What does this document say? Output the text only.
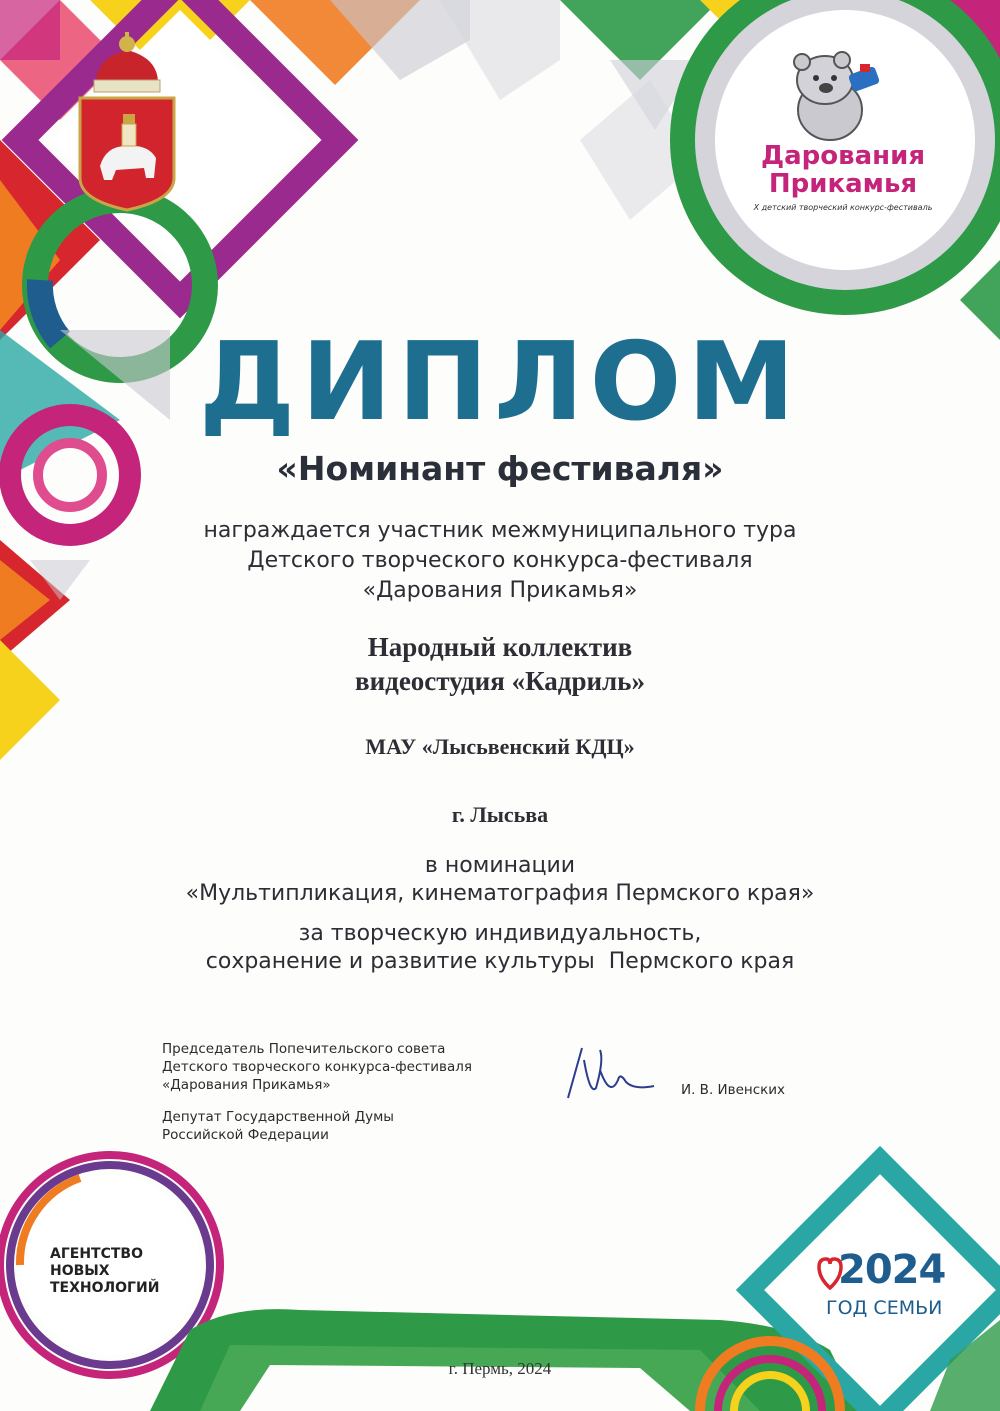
Дарования
Прикамья
X детский творческий конкурс-фестиваль
ДИПЛОМ
«Номинант фестиваля»
награждается участник межмуниципального тура
Детского творческого конкурса-фестиваля
«Дарования Прикамья»
Народный коллектив
видеостудия «Кадриль»
МАУ «Лысьвенский КДЦ»
г. Лысьва
в номинации
«Мультипликация, кинематография Пермского края»
за творческую индивидуальность,
сохранение и развитие культуры  Пермского края
Председатель Попечительского совета
Детского творческого конкурса-фестиваля
«Дарования Прикамья»
Депутат Государственной Думы
Российской Федерации
И. В. Ивенских
АГЕНТСТВО
НОВЫХ
ТЕХНОЛОГИЙ	2024
ГОД СЕМЬИ
г. Пермь, 2024
